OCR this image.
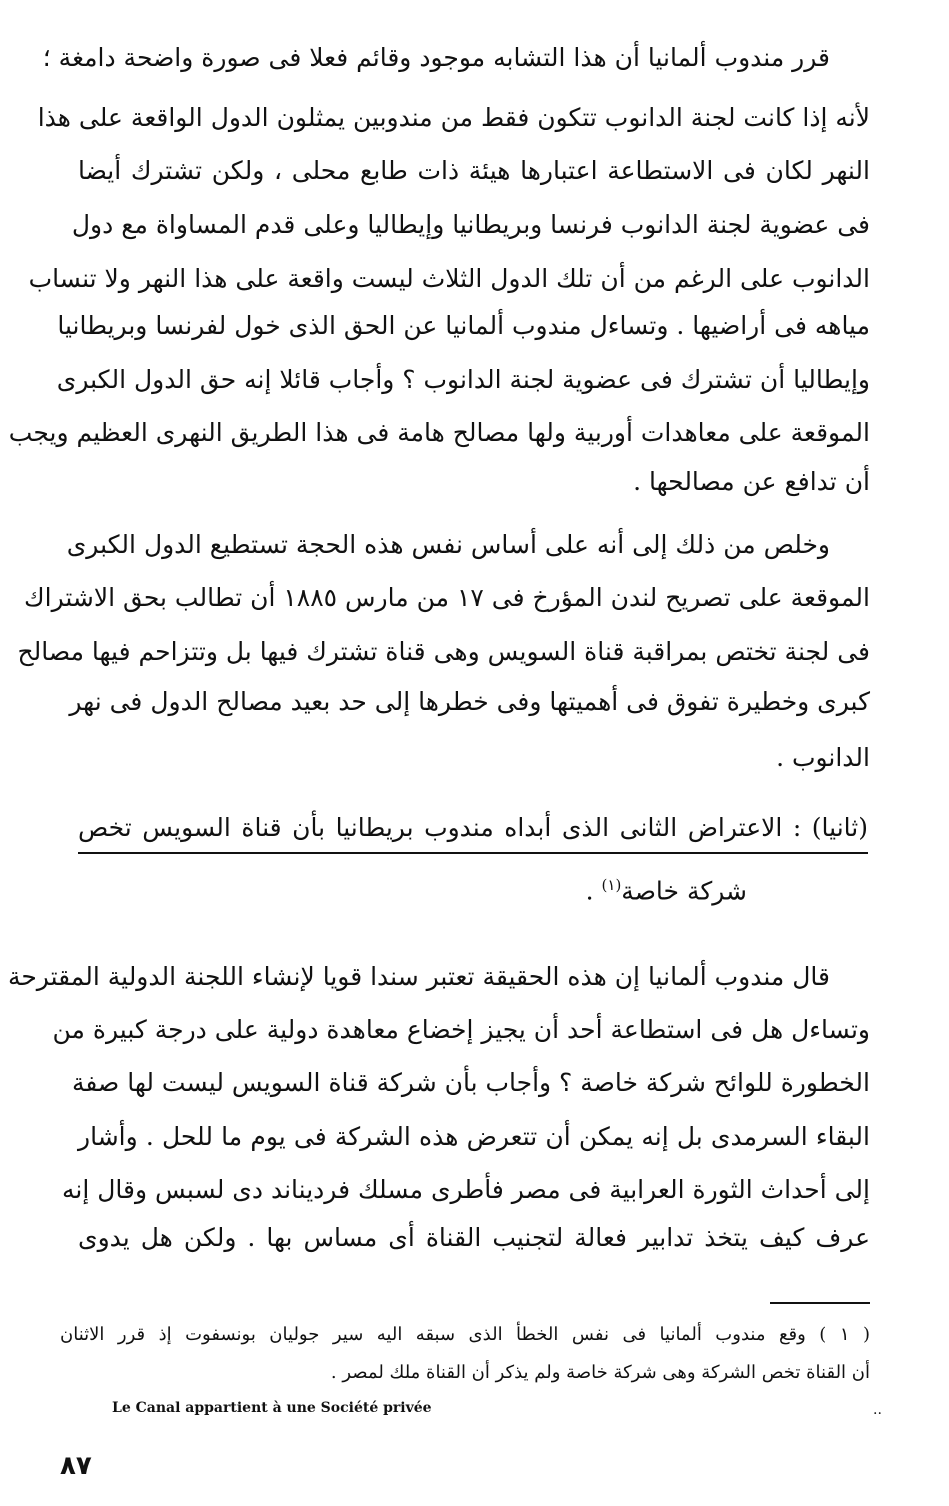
قرر مندوب ألمانيا أن هذا التشابه موجود وقائم فعلا فى صورة واضحة دامغة ؛
لأنه إذا كانت لجنة الدانوب تتكون فقط من مندوبين يمثلون الدول الواقعة على هذا
النهر لكان فى الاستطاعة اعتبارها هيئة ذات طابع محلى ، ولكن تشترك أيضا
فى عضوية لجنة الدانوب فرنسا وبريطانيا وإيطاليا وعلى قدم المساواة مع دول
الدانوب على الرغم من أن تلك الدول الثلاث ليست واقعة على هذا النهر ولا تنساب
مياهه فى أراضيها . وتساءل مندوب ألمانيا عن الحق الذى خول لفرنسا وبريطانيا
وإيطاليا أن تشترك فى عضوية لجنة الدانوب ؟ وأجاب قائلا إنه حق الدول الكبرى
الموقعة على معاهدات أوربية ولها مصالح هامة فى هذا الطريق النهرى العظيم ويجب
أن تدافع عن مصالحها .
وخلص من ذلك إلى أنه على أساس نفس هذه الحجة تستطيع الدول الكبرى
الموقعة على تصريح لندن المؤرخ فى ١٧ من مارس ١٨٨٥ أن تطالب بحق الاشتراك
فى لجنة تختص بمراقبة قناة السويس وهى قناة تشترك فيها بل وتتزاحم فيها مصالح
كبرى وخطيرة تفوق فى أهميتها وفى خطرها إلى حد بعيد مصالح الدول فى نهر
الدانوب .
(ثانيا) : الاعتراض الثانى الذى أبداه مندوب بريطانيا بأن قناة السويس تخص
شركة خاصة$^{(١)}$ .
قال مندوب ألمانيا إن هذه الحقيقة تعتبر سندا قويا لإنشاء اللجنة الدولية المقترحة
وتساءل هل فى استطاعة أحد أن يجيز إخضاع معاهدة دولية على درجة كبيرة من
الخطورة للوائح شركة خاصة ؟ وأجاب بأن شركة قناة السويس ليست لها صفة
البقاء السرمدى بل إنه يمكن أن تتعرض هذه الشركة فى يوم ما للحل . وأشار
إلى أحداث الثورة العرابية فى مصر فأطرى مسلك فرديناند دى لسبس وقال إنه
عرف كيف يتخذ تدابير فعالة لتجنيب القناة أى مساس بها . ولكن هل يدوى
( ١ ) وقع مندوب ألمانيا فى نفس الخطأ الذى سبقه اليه سير جوليان بونسفوت إذ قرر الاثنان
أن القناة تخص الشركة وهى شركة خاصة ولم يذكر أن القناة ملك لمصر .
Le Canal appartient à une Société privée	..
٨٧
